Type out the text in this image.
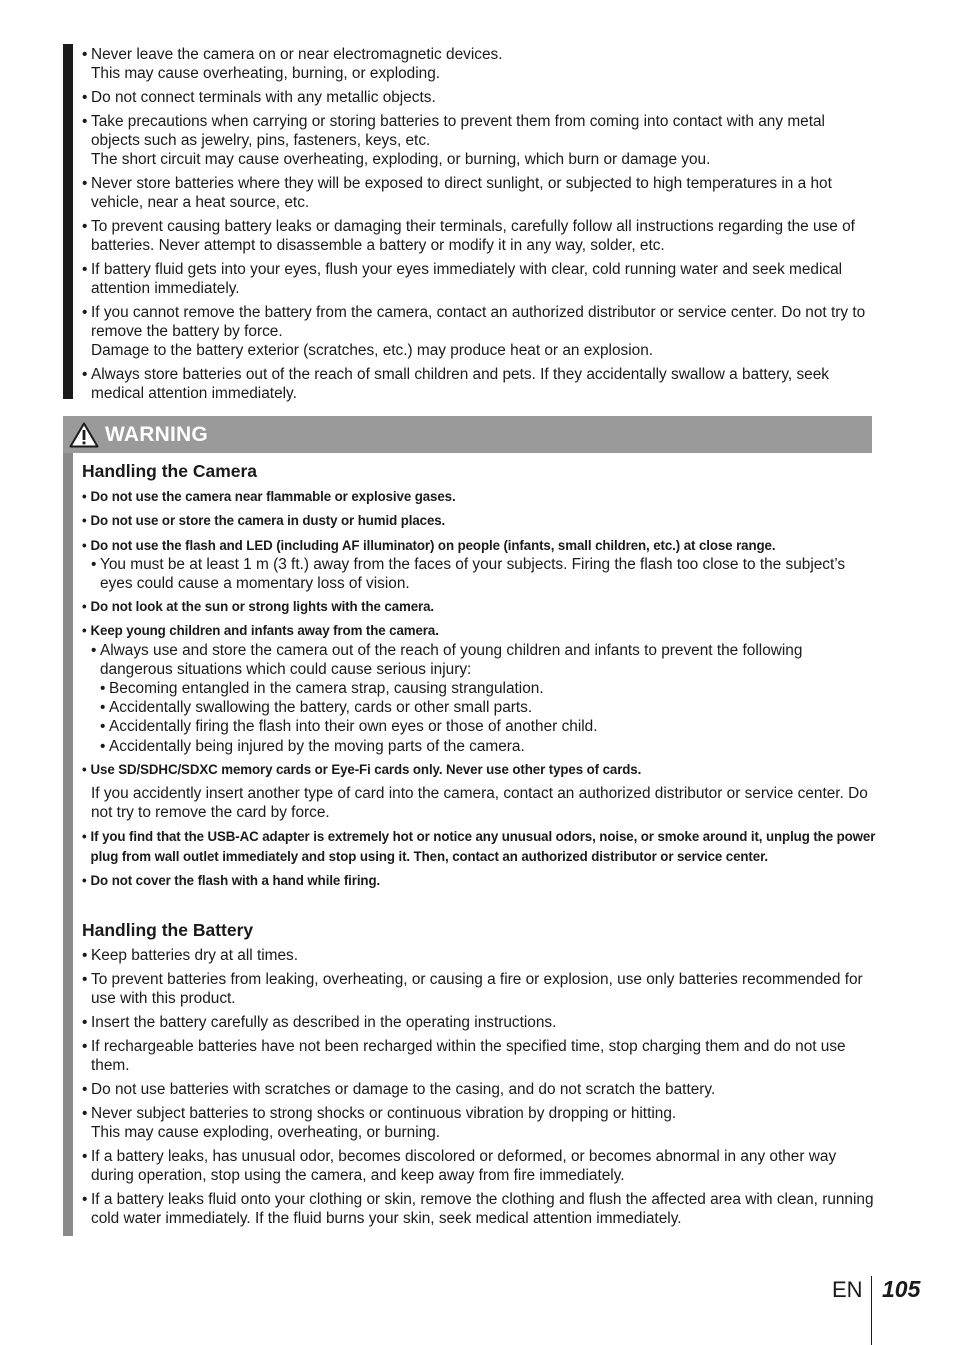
• Never leave the camera on or near electromagnetic devices.

This may cause overheating, burning, or exploding.

• Do not connect terminals with any metallic objects.

• Take precautions when carrying or storing batteries to prevent them from coming into contact with any metal objects such as jewelry, pins, fasteners, keys, etc.

The short circuit may cause overheating, exploding, or burning, which burn or damage you.

• Never store batteries where they will be exposed to direct sunlight, or subjected to high temperatures in a hot vehicle, near a heat source, etc.

• To prevent causing battery leaks or damaging their terminals, carefully follow all instructions regarding the use of batteries. Never attempt to disassemble a battery or modify it in any way, solder, etc.

• If battery fluid gets into your eyes, flush your eyes immediately with clear, cold running water and seek medical attention immediately.

• If you cannot remove the battery from the camera, contact an authorized distributor or service center. Do not try to remove the battery by force.

Damage to the battery exterior (scratches, etc.) may produce heat or an explosion.

• Always store batteries out of the reach of small children and pets. If they accidentally swallow a battery, seek medical attention immediately.

WARNING

Handling the Camera

• Do not use the camera near flammable or explosive gases.

• Do not use or store the camera in dusty or humid places.

• Do not use the flash and LED (including AF illuminator) on people (infants, small children, etc.) at close range.

• You must be at least 1 m (3 ft.) away from the faces of your subjects. Firing the flash too close to the subject’s eyes could cause a momentary loss of vision.

• Do not look at the sun or strong lights with the camera.

• Keep young children and infants away from the camera.

• Always use and store the camera out of the reach of young children and infants to prevent the following dangerous situations which could cause serious injury:

• Becoming entangled in the camera strap, causing strangulation.

• Accidentally swallowing the battery, cards or other small parts.

• Accidentally firing the flash into their own eyes or those of another child.

• Accidentally being injured by the moving parts of the camera.

• Use SD/SDHC/SDXC memory cards or Eye-Fi cards only. Never use other types of cards.

If you accidently insert another type of card into the camera, contact an authorized distributor or service center. Do not try to remove the card by force.

• If you find that the USB-AC adapter is extremely hot or notice any unusual odors, noise, or smoke around it, unplug the power plug from wall outlet immediately and stop using it. Then, contact an authorized distributor or service center.

• Do not cover the flash with a hand while firing.

Handling the Battery

• Keep batteries dry at all times.

• To prevent batteries from leaking, overheating, or causing a fire or explosion, use only batteries recommended for use with this product.

• Insert the battery carefully as described in the operating instructions.

• If rechargeable batteries have not been recharged within the specified time, stop charging them and do not use them.

• Do not use batteries with scratches or damage to the casing, and do not scratch the battery.

• Never subject batteries to strong shocks or continuous vibration by dropping or hitting.

This may cause exploding, overheating, or burning.

• If a battery leaks, has unusual odor, becomes discolored or deformed, or becomes abnormal in any other way during operation, stop using the camera, and keep away from fire immediately.

• If a battery leaks fluid onto your clothing or skin, remove the clothing and flush the affected area with clean, running cold water immediately. If the fluid burns your skin, seek medical attention immediately.

EN 105
